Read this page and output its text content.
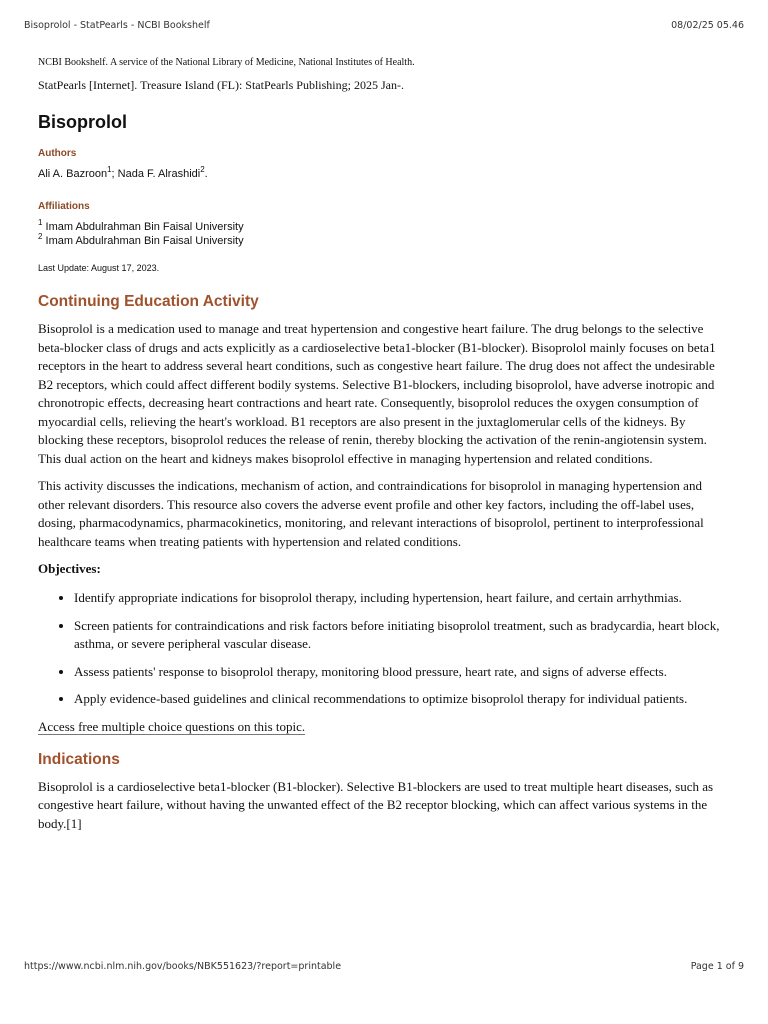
Bisoprolol - StatPearls - NCBI Bookshelf	08/02/25 05.46

NCBI Bookshelf. A service of the National Library of Medicine, National Institutes of Health.

StatPearls [Internet]. Treasure Island (FL): StatPearls Publishing; 2025 Jan-.

Bisoprolol

Authors

Ali A. Bazroon$^1$; Nada F. Alrashidi$^2$.

Affiliations

$^1$ Imam Abdulrahman Bin Faisal University

$^2$ Imam Abdulrahman Bin Faisal University

Last Update: August 17, 2023.

Continuing Education Activity

Bisoprolol is a medication used to manage and treat hypertension and congestive heart failure. The drug belongs to the selective beta-blocker class of drugs and acts explicitly as a cardioselective beta1-blocker (B1-blocker). Bisoprolol mainly focuses on beta1 receptors in the heart to address several heart conditions, such as congestive heart failure. The drug does not affect the undesirable B2 receptors, which could affect different bodily systems. Selective B1-blockers, including bisoprolol, have adverse inotropic and chronotropic effects, decreasing heart contractions and heart rate. Consequently, bisoprolol reduces the oxygen consumption of myocardial cells, relieving the heart's workload. B1 receptors are also present in the juxtaglomerular cells of the kidneys. By blocking these receptors, bisoprolol reduces the release of renin, thereby blocking the activation of the renin-angiotensin system. This dual action on the heart and kidneys makes bisoprolol effective in managing hypertension and related conditions.

This activity discusses the indications, mechanism of action, and contraindications for bisoprolol in managing hypertension and other relevant disorders. This resource also covers the adverse event profile and other key factors, including the off-label uses, dosing, pharmacodynamics, pharmacokinetics, monitoring, and relevant interactions of bisoprolol, pertinent to interprofessional healthcare teams when treating patients with hypertension and related conditions.

Objectives:

• Identify appropriate indications for bisoprolol therapy, including hypertension, heart failure, and certain arrhythmias.
• Screen patients for contraindications and risk factors before initiating bisoprolol treatment, such as bradycardia, heart block, asthma, or severe peripheral vascular disease.
• Assess patients' response to bisoprolol therapy, monitoring blood pressure, heart rate, and signs of adverse effects.
• Apply evidence-based guidelines and clinical recommendations to optimize bisoprolol therapy for individual patients.

Access free multiple choice questions on this topic.

Indications

Bisoprolol is a cardioselective beta1-blocker (B1-blocker). Selective B1-blockers are used to treat multiple heart diseases, such as congestive heart failure, without having the unwanted effect of the B2 receptor blocking, which can affect various systems in the body.[1]

https://www.ncbi.nlm.nih.gov/books/NBK551623/?report=printable	Page 1 of 9
